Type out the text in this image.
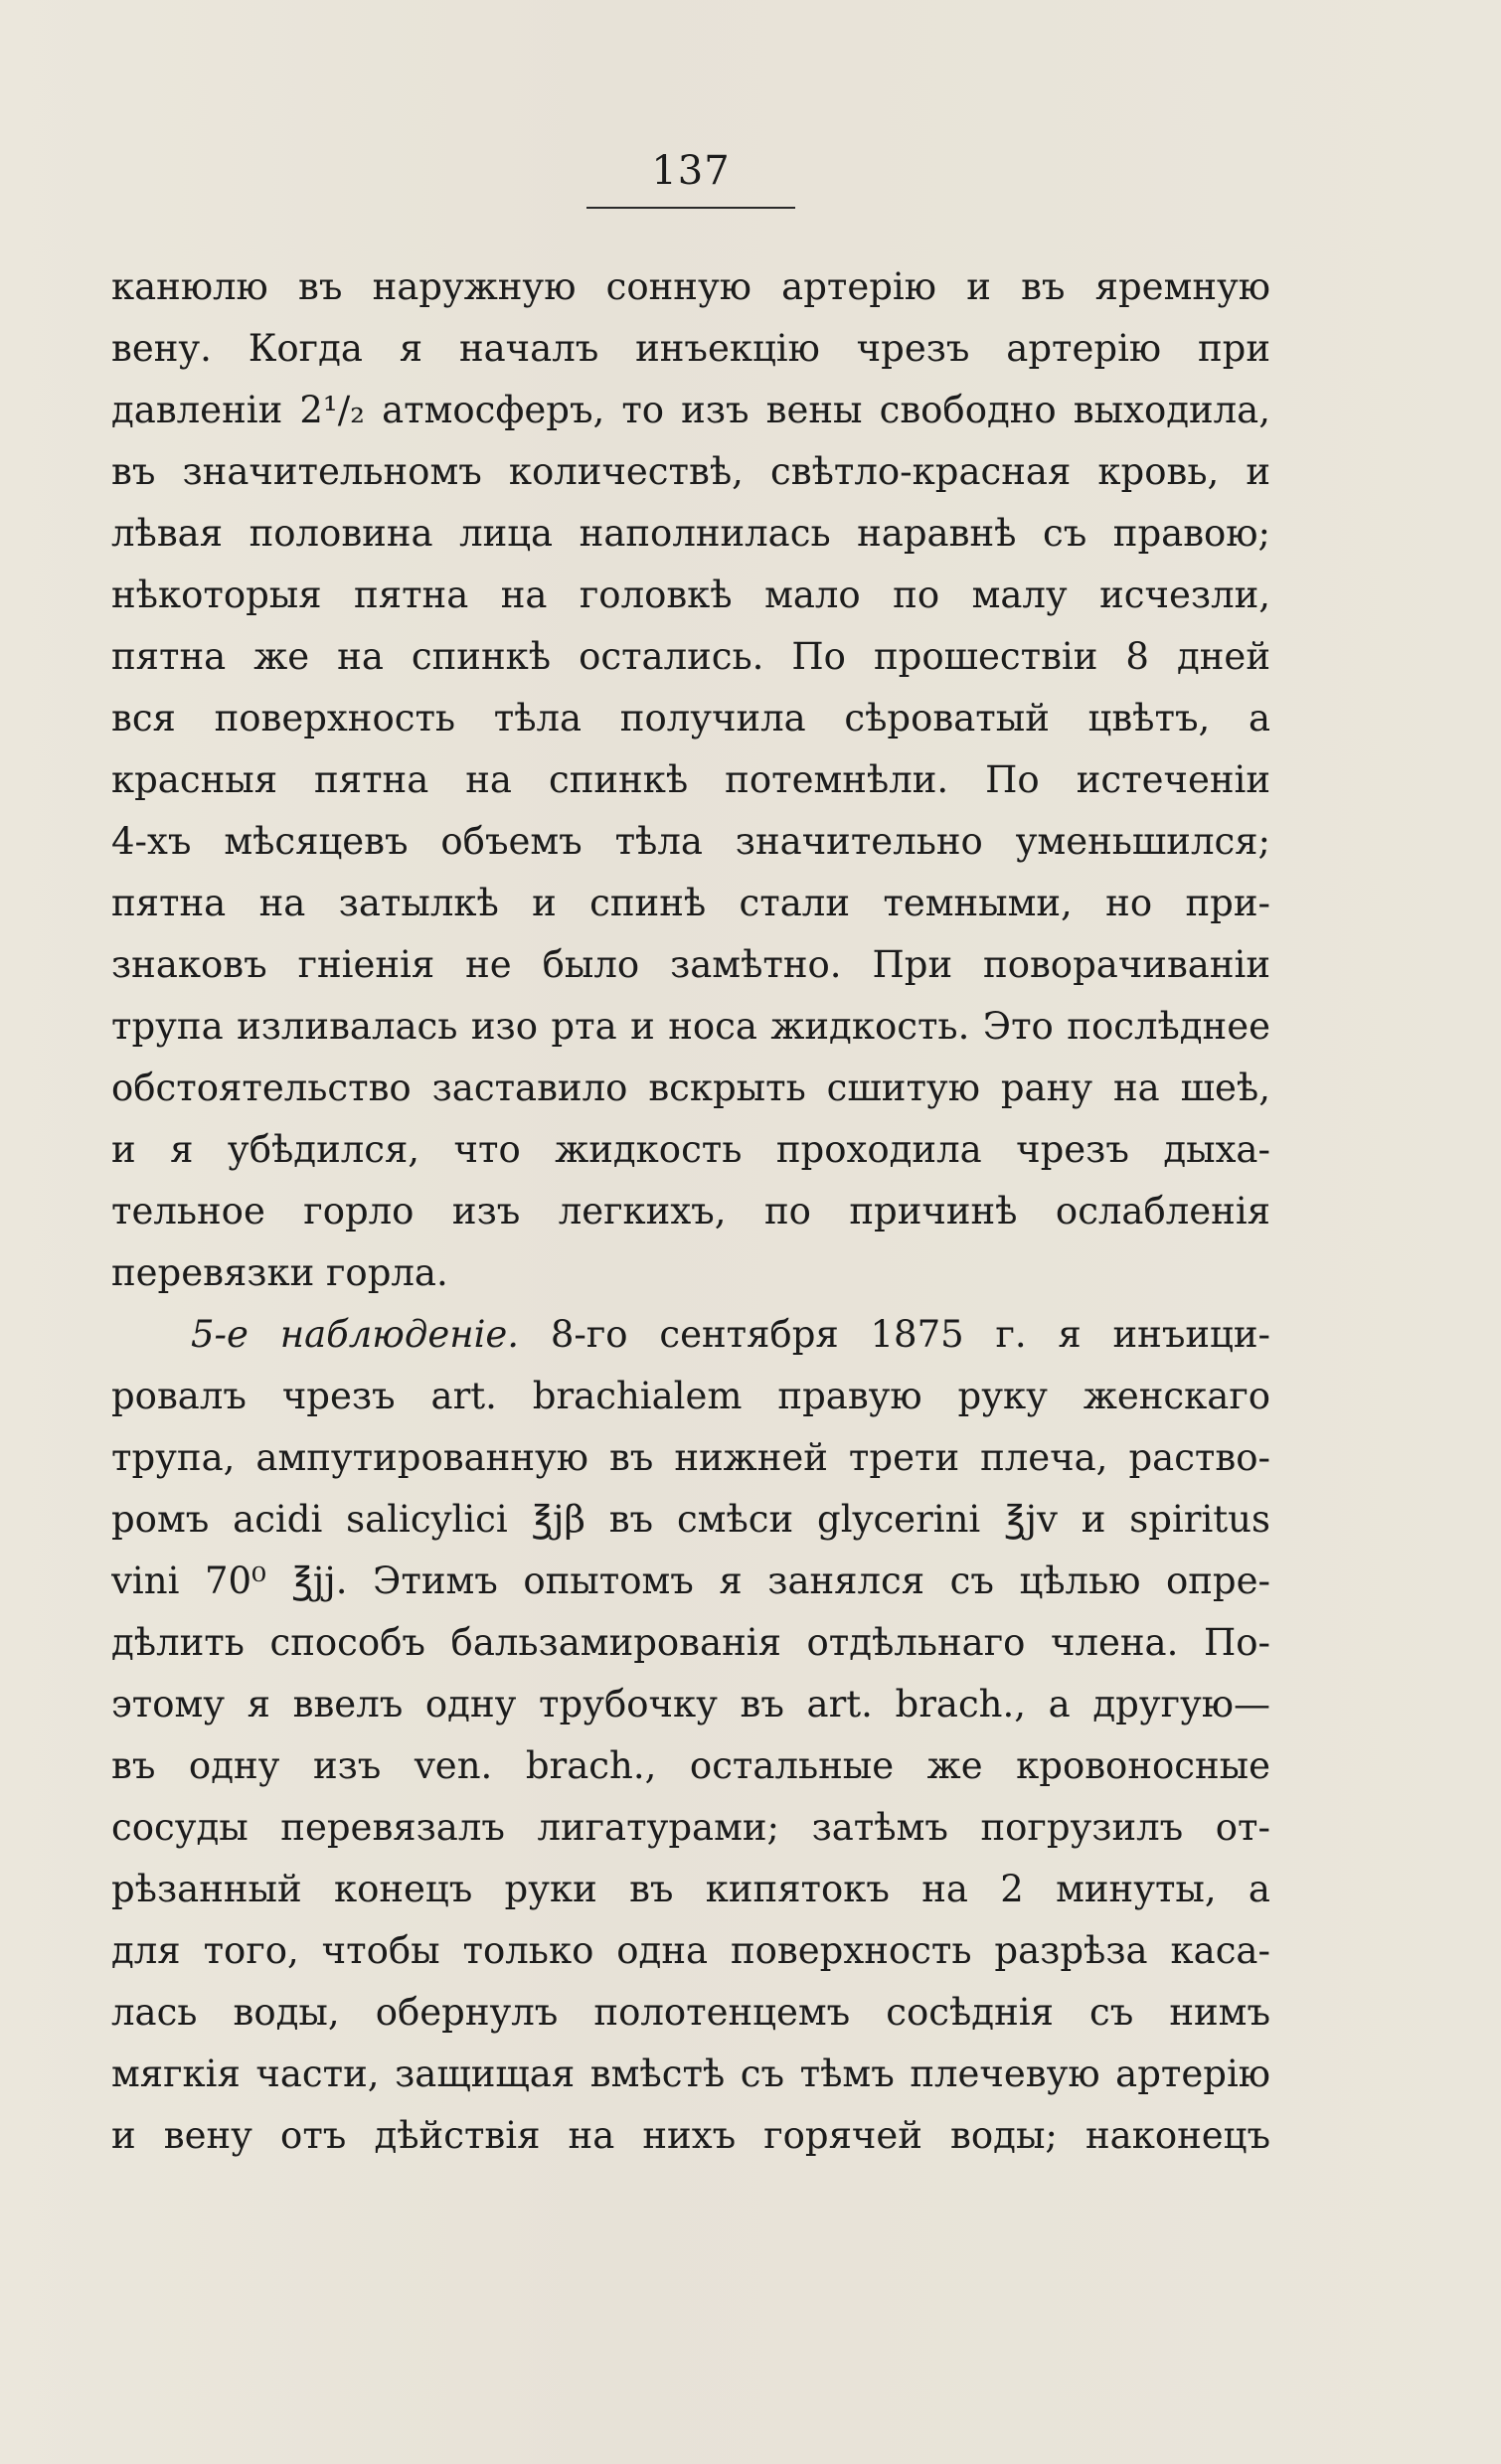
137
канюлю въ наружную сонную артерію и въ яремную
вену. Когда я началъ инъекцію чрезъ артерію при
давленіи 2¹/₂ атмосферъ, то изъ вены свободно выходила,
въ значительномъ количествѣ, свѣтло-красная кровь, и
лѣвая половина лица наполнилась наравнѣ съ правою;
нѣкоторыя пятна на головкѣ мало по малу исчезли,
пятна же на спинкѣ остались. По прошествіи 8 дней
вся поверхность тѣла получила сѣроватый цвѣтъ, а
красныя пятна на спинкѣ потемнѣли. По истеченіи
4-хъ мѣсяцевъ объемъ тѣла значительно уменьшился;
пятна на затылкѣ и спинѣ стали темными, но при-
знаковъ гніенія не было замѣтно. При поворачиваніи
трупа изливалась изо рта и носа жидкость. Это послѣднее
обстоятельство заставило вскрыть сшитую рану на шеѣ,
и я убѣдился, что жидкость проходила чрезъ дыха-
тельное горло изъ легкихъ, по причинѣ ослабленія
перевязки горла.
5-е наблюденіе. 8-го сентября 1875 г. я инъици-
ровалъ чрезъ art. brachialem правую руку женскаго
трупа, ампутированную въ нижней трети плеча, раство-
ромъ acidi salicylici ℥jβ въ смѣси glycerini ℥jv и spiritus
vini 70⁰ ℥jj. Этимъ опытомъ я занялся съ цѣлью опре-
дѣлить способъ бальзамированія отдѣльнаго члена. По-
этому я ввелъ одну трубочку въ art. brach., а другую—
въ одну изъ ven. brach., остальные же кровоносные
сосуды перевязалъ лигатурами; затѣмъ погрузилъ от-
рѣзанный конецъ руки въ кипятокъ на 2 минуты, а
для того, чтобы только одна поверхность разрѣза каса-
лась воды, обернулъ полотенцемъ сосѣднія съ нимъ
мягкія части, защищая вмѣстѣ съ тѣмъ плечевую артерію
и вену отъ дѣйствія на нихъ горячей воды; наконецъ
